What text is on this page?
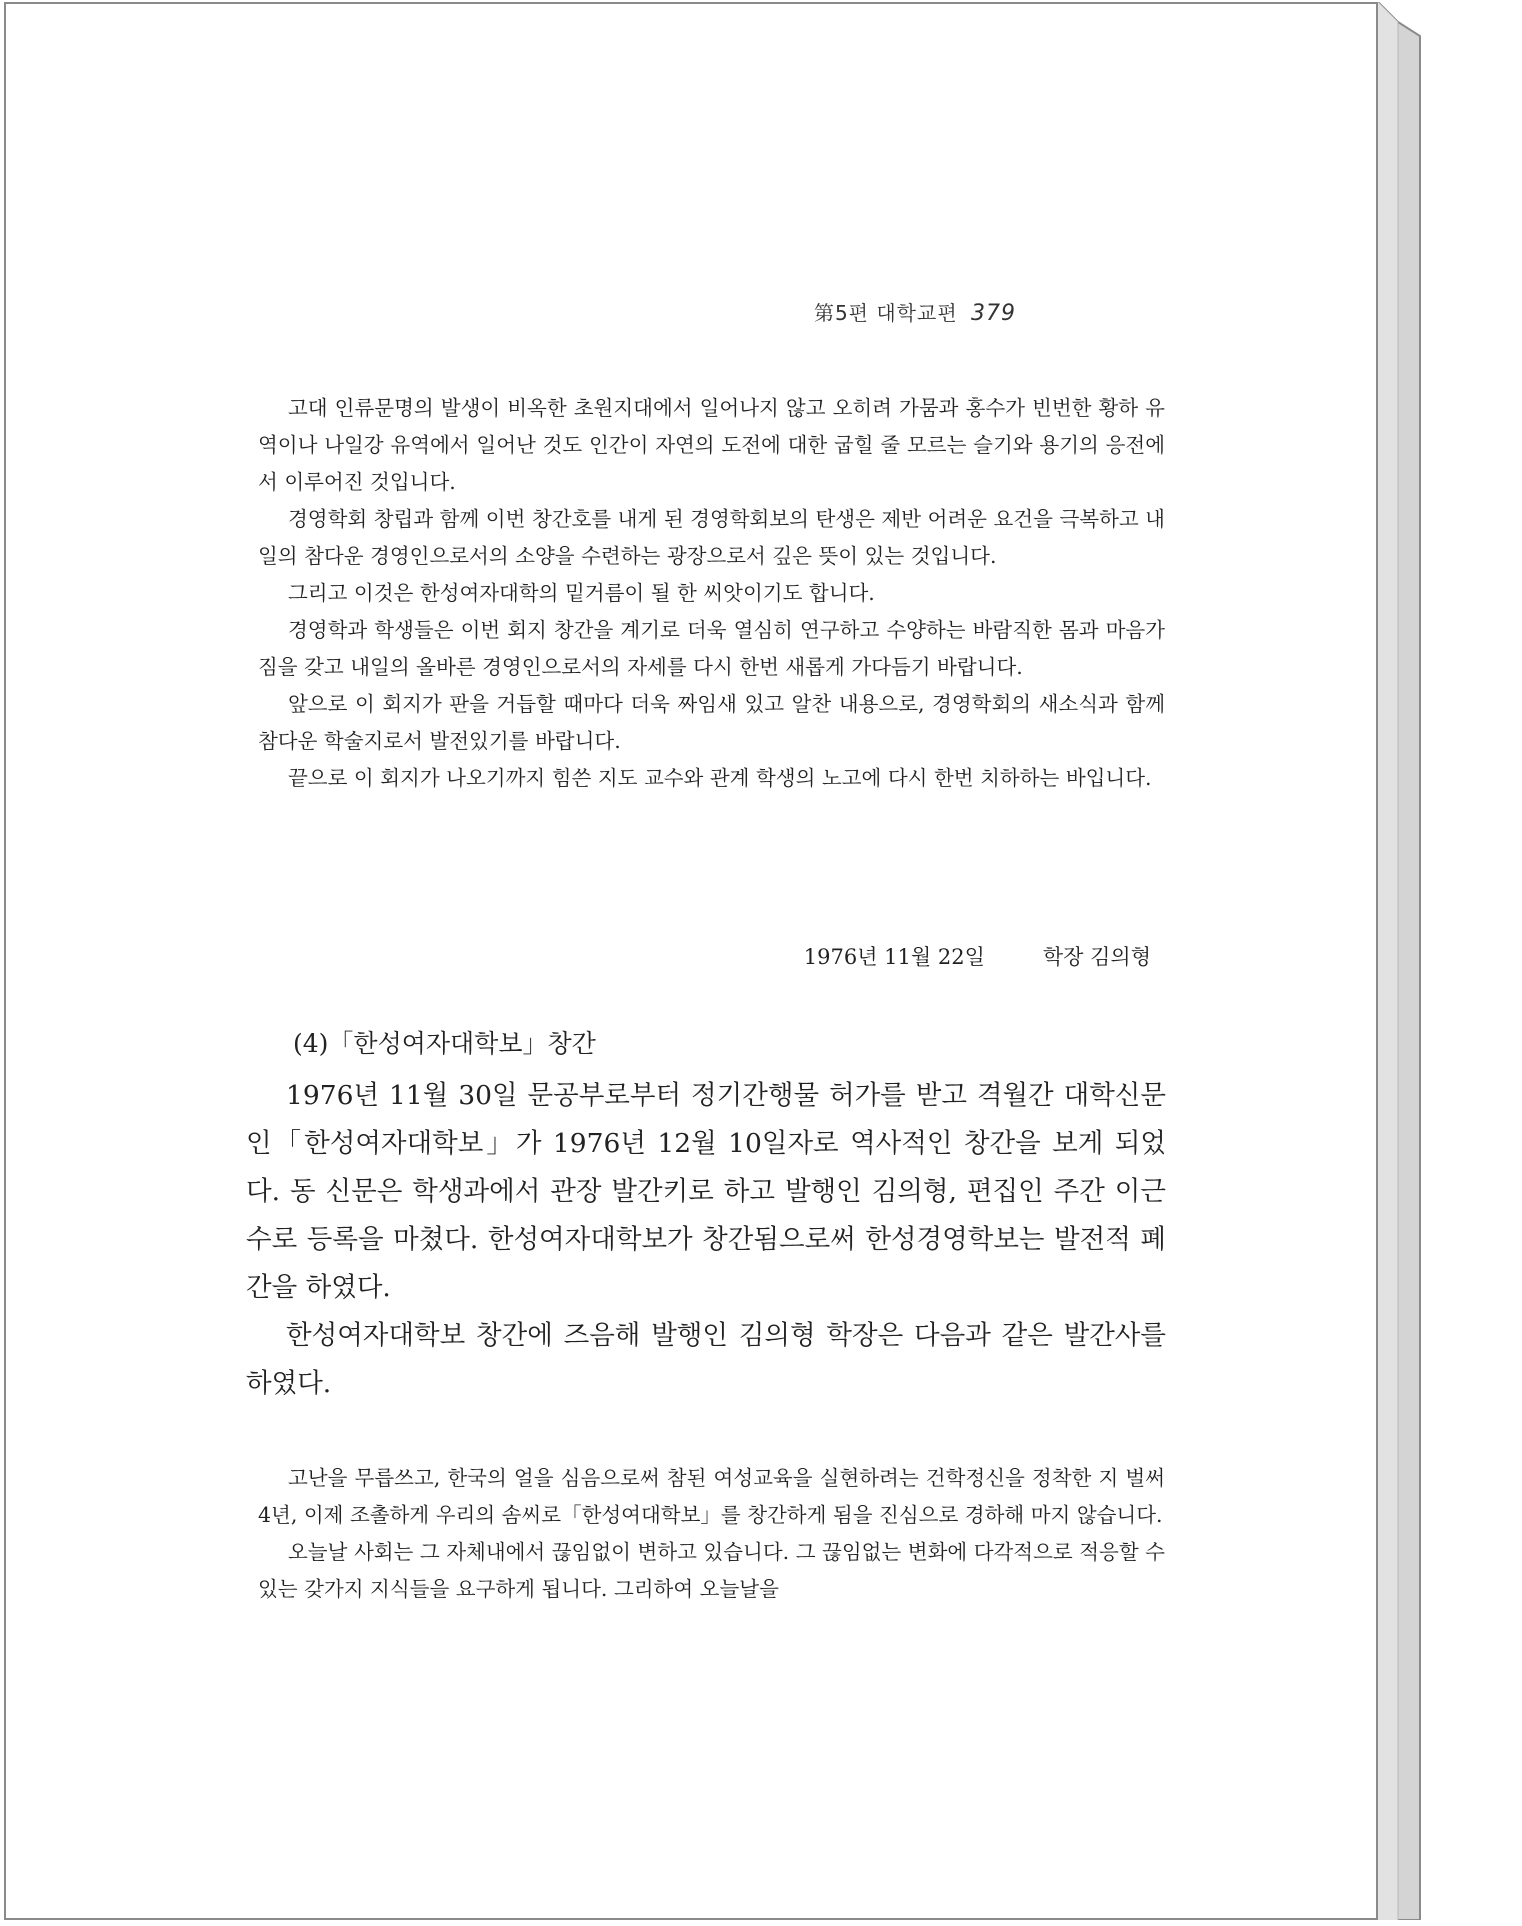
第5편 대학교편 379

고대 인류문명의 발생이 비옥한 초원지대에서 일어나지 않고 오히려 가뭄과 홍수가 빈번한 황하 유역이나 나일강 유역에서 일어난 것도 인간이 자연의 도전에 대한 굽힐 줄 모르는 슬기와 용기의 응전에서 이루어진 것입니다.

경영학회 창립과 함께 이번 창간호를 내게 된 경영학회보의 탄생은 제반 어려운 요건을 극복하고 내일의 참다운 경영인으로서의 소양을 수련하는 광장으로서 깊은 뜻이 있는 것입니다.

그리고 이것은 한성여자대학의 밑거름이 될 한 씨앗이기도 합니다.

경영학과 학생들은 이번 회지 창간을 계기로 더욱 열심히 연구하고 수양하는 바람직한 몸과 마음가짐을 갖고 내일의 올바른 경영인으로서의 자세를 다시 한번 새롭게 가다듬기 바랍니다.

앞으로 이 회지가 판을 거듭할 때마다 더욱 짜임새 있고 알찬 내용으로, 경영학회의 새소식과 함께 참다운 학술지로서 발전있기를 바랍니다.

끝으로 이 회지가 나오기까지 힘쓴 지도 교수와 관계 학생의 노고에 다시 한번 치하하는 바입니다.

1976년 11월 22일	학장 김의형
(4)「한성여자대학보」창간

1976년 11월 30일 문공부로부터 정기간행물 허가를 받고 격월간 대학신문인「한성여자대학보」가 1976년 12월 10일자로 역사적인 창간을 보게 되었다. 동 신문은 학생과에서 관장 발간키로 하고 발행인 김의형, 편집인 주간 이근수로 등록을 마쳤다. 한성여자대학보가 창간됨으로써 한성경영학보는 발전적 폐간을 하였다.

한성여자대학보 창간에 즈음해 발행인 김의형 학장은 다음과 같은 발간사를 하였다.

고난을 무릅쓰고, 한국의 얼을 심음으로써 참된 여성교육을 실현하려는 건학정신을 정착한 지 벌써 4년, 이제 조촐하게 우리의 솜씨로「한성여대학보」를 창간하게 됨을 진심으로 경하해 마지 않습니다.

오늘날 사회는 그 자체내에서 끊임없이 변하고 있습니다. 그 끊임없는 변화에 다각적으로 적응할 수 있는 갖가지 지식들을 요구하게 됩니다. 그리하여 오늘날을
